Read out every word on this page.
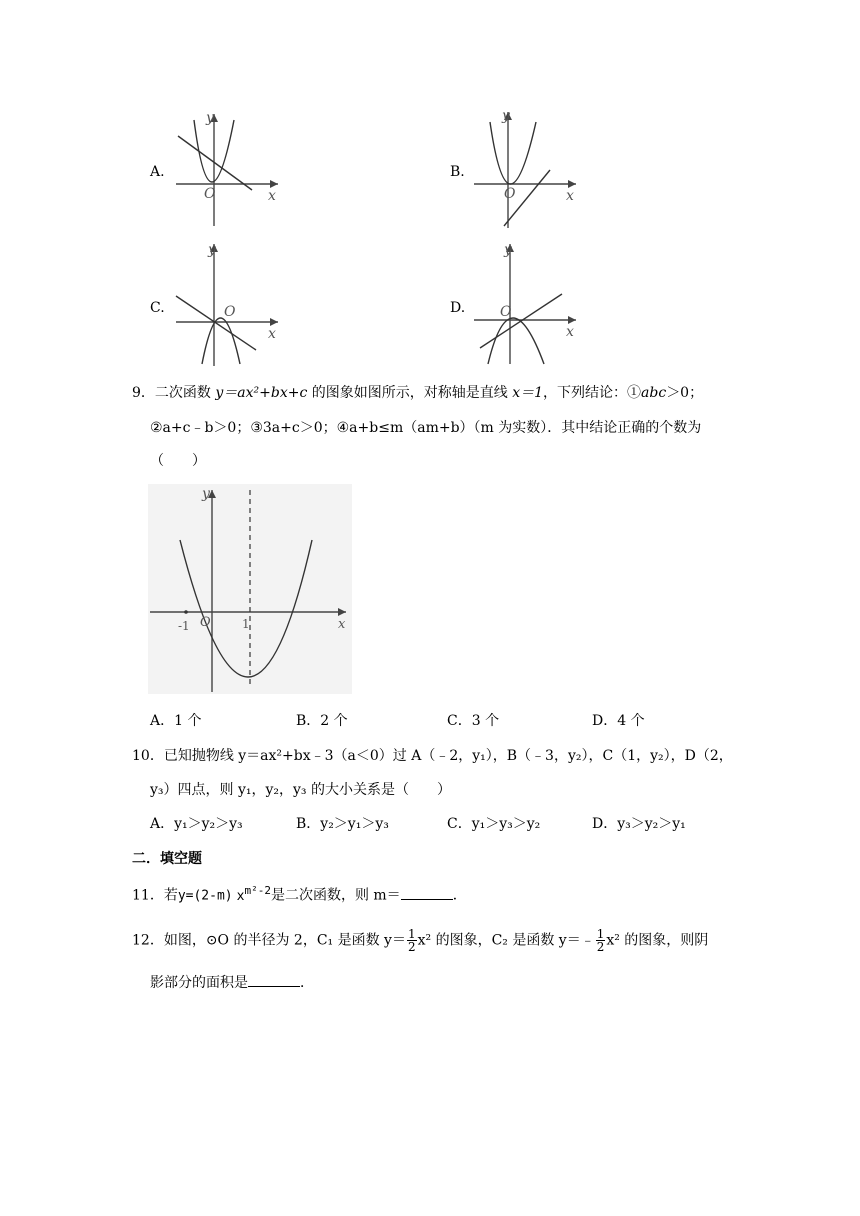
A.
y
x
O
B.
y
x
O
C.
y
x
O	D.
y
x
O
9．二次函数 y＝ax²+bx+c 的图象如图所示，对称轴是直线 x＝1，下列结论：①abc＞0；
②a+c﹣b＞0；③3a+c＞0；④a+b≤m（am+b）（m 为实数）．其中结论正确的个数为
（　　）
y
x
O
-1	1
A．1 个	B．2 个	C．3 个	D．4 个
10．已知抛物线 y＝ax²+bx﹣3（a＜0）过 A（﹣2，y₁），B（﹣3，y₂），C（1，y₂），D（2，
y₃）四点，则 y₁，y₂，y₃ 的大小关系是（　　）
A．y₁＞y₂＞y₃	B．y₂＞y₁＞y₃	C．y₁＞y₃＞y₂	D．y₃＞y₂＞y₁
二．填空题
11．若y=(2-m) $x^{m^2-2}$是二次函数，则 m＝	．
12．如图，⊙O 的半径为 2，C₁ 是函数 $y= \frac{1}{2} x^2$ 的图象，C₂ 是函数 y＝﹣ $\frac{1}{2} x^2$ 的图象，则阴
影部分的面积是	．
